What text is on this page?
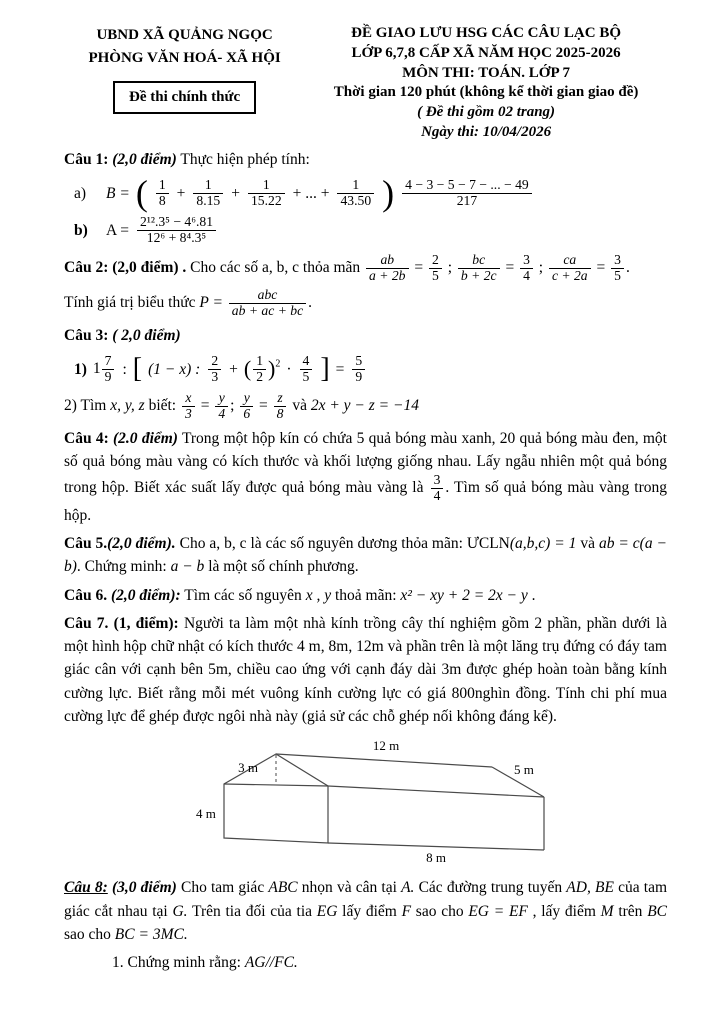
UBND XÃ QUẢNG NGỌC
PHÒNG VĂN HOÁ- XÃ HỘI
Đề thi chính thức
ĐỀ GIAO LƯU HSG CÁC CÂU LẠC BỘ
LỚP 6,7,8 CẤP XÃ NĂM HỌC 2025-2026
MÔN THI: TOÁN. LỚP 7
Thời gian 120 phút (không kể thời gian giao đề)
( Đề thi gồm 02 trang)
Ngày thi: 10/04/2026
Câu 1: (2,0 điểm) Thực hiện phép tính:
a)	B = ( $\frac{1}{8} + \frac{1}{8.15} + \frac{1}{15.22}$ + ... + $\frac{1}{43.50}$ ) $\frac{4 - 3 - 5 - 7 - ... - 49}{217}$
b)	$A = \frac{\text{2¹².3⁵ − 4⁶.81}}{\text{12⁶ + 8⁴.3⁵}}$
Câu 2: (2,0 điểm) . Cho các số a, b, c thỏa mãn $\frac{ab}{a + 2b} = \frac{2}{5}$ ; $\frac{bc}{b + 2c} = \frac{3}{4}$ ; $\frac{ca}{c + 2a} = \frac{3}{5}$ .
Tính giá trị biểu thức $P = \frac{\text{abc}}{ab + ac + bc}$ .
Câu 3: ( 2,0 điểm)
1) $1 \frac{7}{9}$ : [ (1 − x) : $\frac{2}{3}$ + ( $\frac{1}{2} )^2 \cdot \frac{4}{5}$ ] = $\frac{5}{9}$
2) Tìm x, y, z biết: $\frac{x}{3} = \frac{y}{4}$ ; $\frac{y}{6} = \frac{z}{8}$ và 2x + y − z = −14
Câu 4: (2.0 điểm) Trong một hộp kín có chứa 5 quả bóng màu xanh, 20 quả bóng màu đen, một số quả bóng màu vàng có kích thước và khối lượng giống nhau. Lấy ngẫu nhiên một quả bóng trong hộp. Biết xác suất lấy được quả bóng màu vàng là $\frac{3}{4}$ . Tìm số quả bóng màu vàng trong hộp.
Câu 5.(2,0 điểm). Cho a, b, c là các số nguyên dương thỏa mãn: ƯCLN(a,b,c) = 1 và ab = c(a − b). Chứng minh: a − b là một số chính phương.
Câu 6. (2,0 điểm): Tìm các số nguyên x , y thoả mãn: x² − xy + 2 = 2x − y .
Câu 7. (1, điểm): Người ta làm một nhà kính trồng cây thí nghiệm gồm 2 phần, phần dưới là một hình hộp chữ nhật có kích thước 4 m, 8m, 12m và phần trên là một lăng trụ đứng có đáy tam giác cân với cạnh bên 5m, chiều cao ứng với cạnh đáy dài 3m được ghép hoàn toàn bằng kính cường lực. Biết rằng mỗi mét vuông kính cường lực có giá 800nghìn đồng. Tính chi phí mua cường lực để ghép được ngôi nhà này (giả sử các chỗ ghép nối không đáng kể).
12 m
3 m	5 m
4 m
8 m
Câu 8: (3,0 điểm) Cho tam giác ABC nhọn và cân tại A. Các đường trung tuyến AD, BE của tam giác cắt nhau tại G. Trên tia đối của tia EG lấy điểm F sao cho EG = EF , lấy điểm M trên BC sao cho BC = 3MC.
1. Chứng minh rằng: AG//FC.
